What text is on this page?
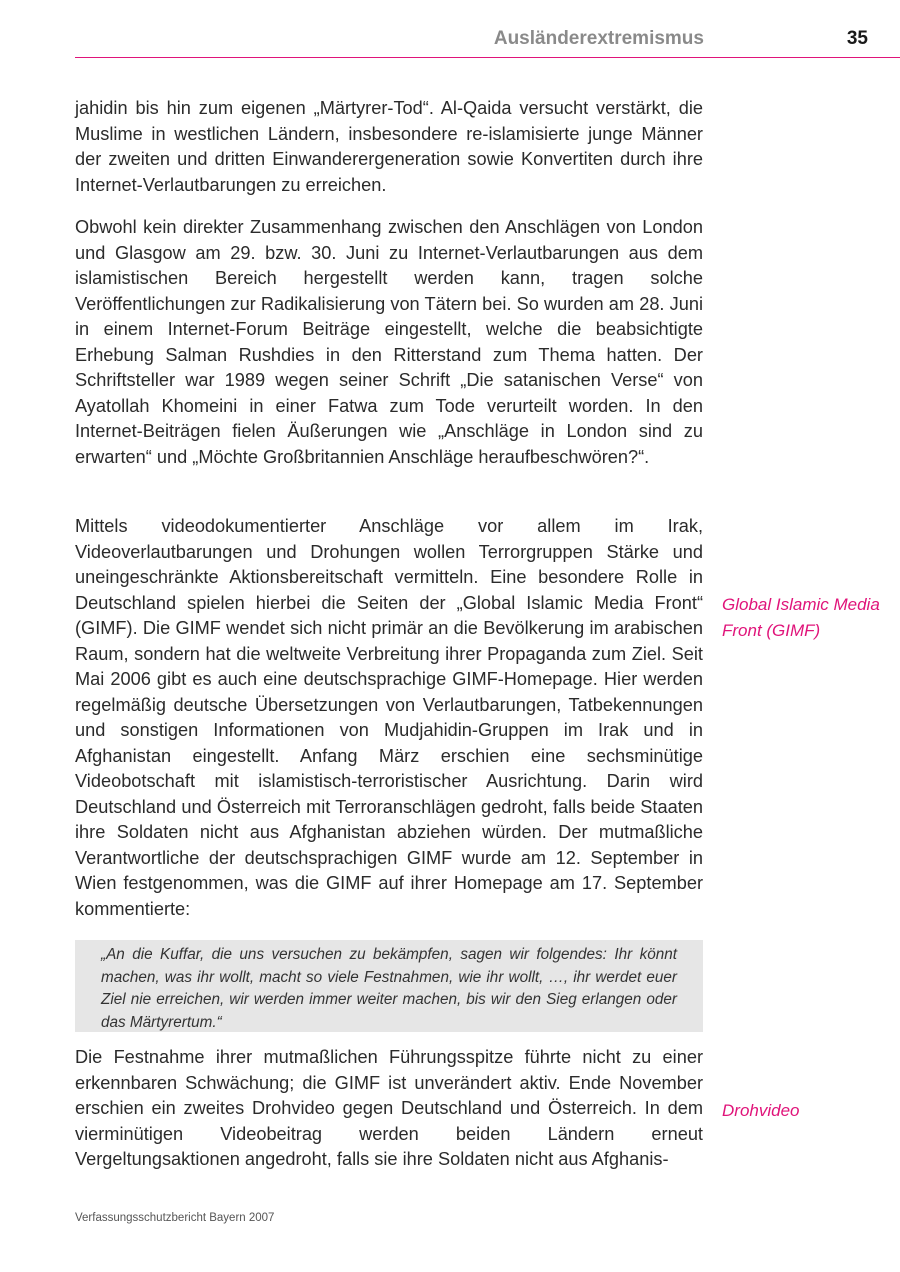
Ausländerextremismus	35

jahidin bis hin zum eigenen „Märtyrer-Tod“. Al-Qaida versucht verstärkt, die Muslime in westlichen Ländern, insbesondere re-islamisierte junge Männer der zweiten und dritten Einwanderergeneration sowie Konvertiten durch ihre Internet-Verlautbarungen zu erreichen.

Obwohl kein direkter Zusammenhang zwischen den Anschlägen von London und Glasgow am 29. bzw. 30. Juni zu Internet-Verlautbarungen aus dem islamistischen Bereich hergestellt werden kann, tragen solche Veröffentlichungen zur Radikalisierung von Tätern bei. So wurden am 28. Juni in einem Internet-Forum Beiträge eingestellt, welche die beabsichtigte Erhebung Salman Rushdies in den Ritterstand zum Thema hatten. Der Schriftsteller war 1989 wegen seiner Schrift „Die satanischen Verse“ von Ayatollah Khomeini in einer Fatwa zum Tode verurteilt worden. In den Internet-Beiträgen fielen Äußerungen wie „Anschläge in London sind zu erwarten“ und „Möchte Großbritannien Anschläge heraufbeschwören?“.

Mittels videodokumentierter Anschläge vor allem im Irak, Videoverlautbarungen und Drohungen wollen Terrorgruppen Stärke und uneingeschränkte Aktionsbereitschaft vermitteln. Eine besondere Rolle in Deutschland spielen hierbei die Seiten der „Global Islamic Media Front“ (GIMF). Die GIMF wendet sich nicht primär an die Bevölkerung im arabischen Raum, sondern hat die weltweite Verbreitung ihrer Propaganda zum Ziel. Seit Mai 2006 gibt es auch eine deutschsprachige GIMF-Homepage. Hier werden regelmäßig deutsche Übersetzungen von Verlautbarungen, Tatbekennungen und sonstigen Informationen von Mudjahidin-Gruppen im Irak und in Afghanistan eingestellt. Anfang März erschien eine sechsminütige Videobotschaft mit islamistisch-terroristischer Ausrichtung. Darin wird Deutschland und Österreich mit Terroranschlägen gedroht, falls beide Staaten ihre Soldaten nicht aus Afghanistan abziehen würden. Der mutmaßliche Verantwortliche der deutschsprachigen GIMF wurde am 12. September in Wien festgenommen, was die GIMF auf ihrer Homepage am 17. September kommentierte:

„An die Kuffar, die uns versuchen zu bekämpfen, sagen wir folgendes: Ihr könnt machen, was ihr wollt, macht so viele Festnahmen, wie ihr wollt, …, ihr werdet euer Ziel nie erreichen, wir werden immer weiter machen, bis wir den Sieg erlangen oder das Märtyrertum.“

Die Festnahme ihrer mutmaßlichen Führungsspitze führte nicht zu einer erkennbaren Schwächung; die GIMF ist unverändert aktiv. Ende November erschien ein zweites Drohvideo gegen Deutschland und Österreich. In dem vierminütigen Videobeitrag werden beiden Ländern erneut Vergeltungsaktionen angedroht, falls sie ihre Soldaten nicht aus Afghanis-

Global Islamic Media Front (GIMF)
Drohvideo
Verfassungsschutzbericht Bayern 2007
